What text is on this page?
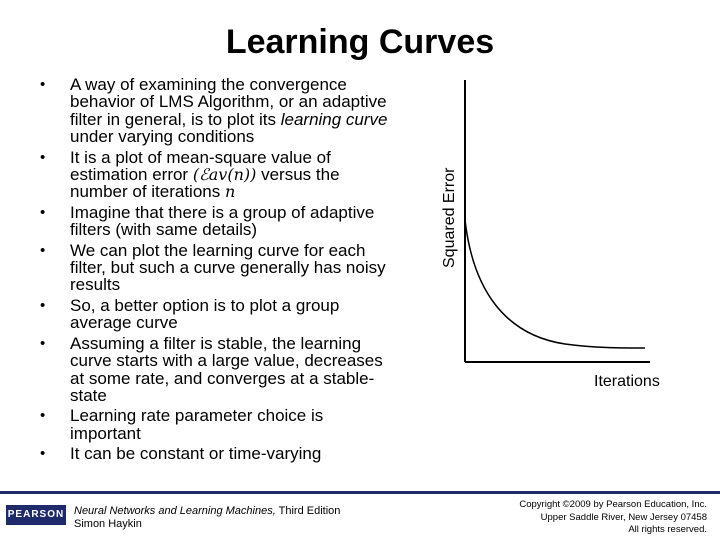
Learning Curves
• A way of examining the convergence behavior of LMS Algorithm, or an adaptive filter in general, is to plot its learning curve under varying conditions
• It is a plot of mean-square value of estimation error (ℰav(n)) versus the number of iterations n
• Imagine that there is a group of adaptive filters (with same details)
• We can plot the learning curve for each filter, but such a curve generally has noisy results
• So, a better option is to plot a group average curve
• Assuming a filter is stable, the learning curve starts with a large value, decreases at some rate, and converges at a stable-state
• Learning rate parameter choice is important
• It can be constant or time-varying
Squared Error
Iterations
PEARSON Neural Networks and Learning Machines, Third Edition
Simon Haykin
Copyright ©2009 by Pearson Education, Inc.
Upper Saddle River, New Jersey 07458
All rights reserved.
